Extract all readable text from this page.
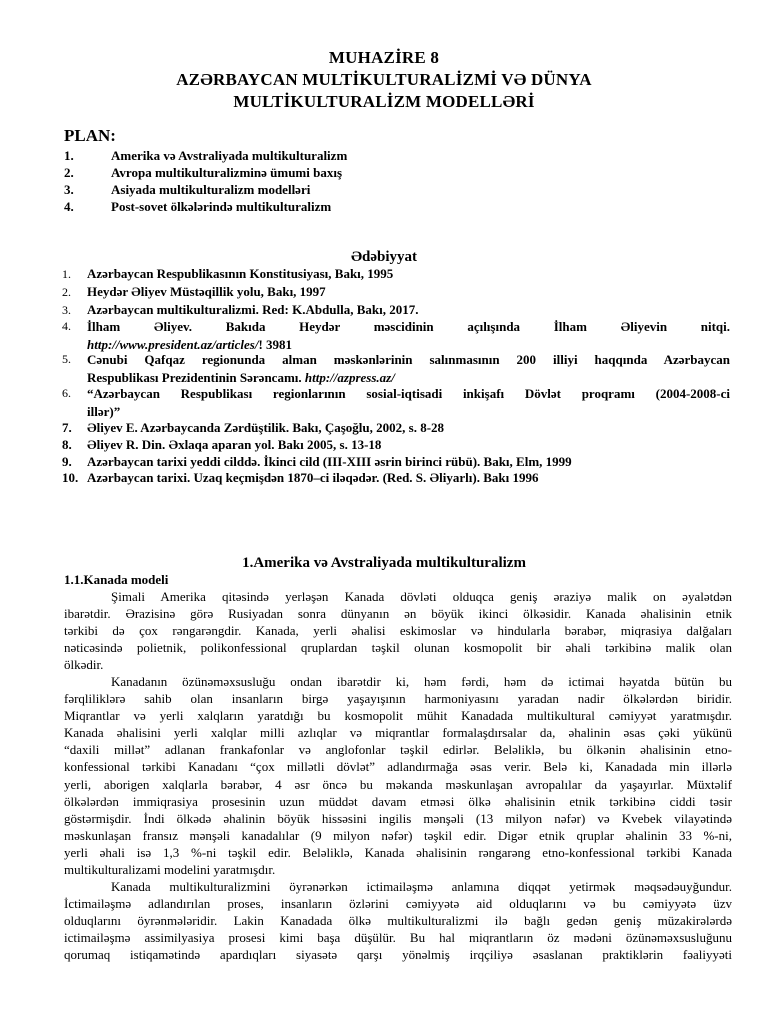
MUHAZİRE 8
AZƏRBAYCAN MULTİKULTURALİZMİ VƏ DÜNYA
MULTİKULTURALİZM MODELLƏRİ
PLAN:
1.	Amerika və Avstraliyada multikulturalizm
2.	Avropa multikulturalizminə ümumi baxış
3.	Asiyada multikulturalizm modelləri
4.	Post-sovet ölkələrində multikulturalizm
Ədəbiyyat
1. Azərbaycan Respublikasının Konstitusiyası, Bakı, 1995
2. Heydər Əliyev Müstəqillik yolu, Bakı, 1997
3. Azərbaycan multikulturalizmi. Red: K.Abdulla, Bakı, 2017.
4.	İlham Əliyev. Bakıda Heydər məscidinin açılışında İlham Əliyevin nitqi.
http://www.president.az/articles/! 3981
5.	Cənubi Qafqaz regionunda alman məskənlərinin salınmasının 200 illiyi haqqında Azərbaycan
Respublikası Prezidentinin Sərəncamı. http://azpress.az/
6.	“Azərbaycan Respublikası regionlarının sosial-iqtisadi inkişafı Dövlət proqramı (2004-2008-ci
illər)”
7. Əliyev E. Azərbaycanda Zərdüştilik. Bakı, Çaşoğlu, 2002, s. 8-28
8. Əliyev R. Din. Əxlaqa aparan yol. Bakı 2005, s. 13-18
9. Azərbaycan tarixi yeddi cilddə. İkinci cild (III-XIII əsrin birinci rübü). Bakı, Elm, 1999
10. Azərbaycan tarixi. Uzaq keçmişdən 1870–ci iləqədər. (Red. S. Əliyarlı). Bakı 1996
1.Amerika və Avstraliyada multikulturalizm
1.1.Kanada modeli
Şimali Amerika qitəsində yerləşən Kanada dövləti olduqca geniş əraziyə malik on əyalətdən
ibarətdir. Ərazisinə görə Rusiyadan sonra dünyanın ən böyük ikinci ölkəsidir. Kanada əhalisinin etnik
tərkibi də çox rəngarəngdir. Kanada, yerli əhalisi eskimoslar və hindularla bərabər, miqrasiya dalğaları
nəticəsində polietnik, polikonfessional qruplardan təşkil olunan kosmopolit bir əhali tərkibinə malik olan
ölkədir.
Kanadanın özünəməxsusluğu ondan ibarətdir ki, həm fərdi, həm də ictimai həyatda bütün bu
fərqliliklərə sahib olan insanların birgə yaşayışının harmoniyasını yaradan nadir ölkələrdən biridir.
Miqrantlar və yerli xalqların yaratdığı bu kosmopolit mühit Kanadada multikultural cəmiyyət yaratmışdır.
Kanada əhalisini yerli xalqlar milli azlıqlar və miqrantlar formalaşdırsalar da, əhalinin əsas çəki yükünü
“daxili millət” adlanan frankafonlar və anglofonlar təşkil edirlər. Beləliklə, bu ölkənin əhalisinin etno-
konfessional tərkibi Kanadanı “çox millətli dövlət” adlandırmağa əsas verir. Belə ki, Kanadada min illərlə
yerli, aborigen xalqlarla bərabər, 4 əsr öncə bu məkanda məskunlaşan avropalılar da yaşayırlar. Müxtəlif
ölkələrdən immiqrasiya prosesinin uzun müddət davam etməsi ölkə əhalisinin etnik tərkibinə ciddi təsir
göstərmişdir. İndi ölkədə əhalinin böyük hissəsini ingilis mənşəli (13 milyon nəfər) və Kvebek vilayətində
məskunlaşan fransız mənşəli kanadalılar (9 milyon nəfər) təşkil edir. Digər etnik qruplar əhalinin 33 %-ni,
yerli əhali isə 1,3 %-ni təşkil edir. Beləliklə, Kanada əhalisinin rəngarəng etno-konfessional tərkibi Kanada
multikulturalizami modelini yaratmışdır.
Kanada multikulturalizmini öyrənərkən ictimailəşmə anlamına diqqət yetirmək məqsədəuyğundur.
İctimailəşmə adlandırılan proses, insanların özlərini cəmiyyətə aid olduqlarını və bu cəmiyyətə üzv
olduqlarını öyrənmələridir. Lakin Kanadada ölkə multikulturalizmi ilə bağlı gedən geniş müzakirələrdə
ictimailəşmə assimilyasiya prosesi kimi başa düşülür. Bu hal miqrantların öz mədəni özünəməxsusluğunu
qorumaq istiqamətində apardıqları siyasətə qarşı yönəlmiş irqçiliyə əsaslanan praktiklərin fəaliyyəti
